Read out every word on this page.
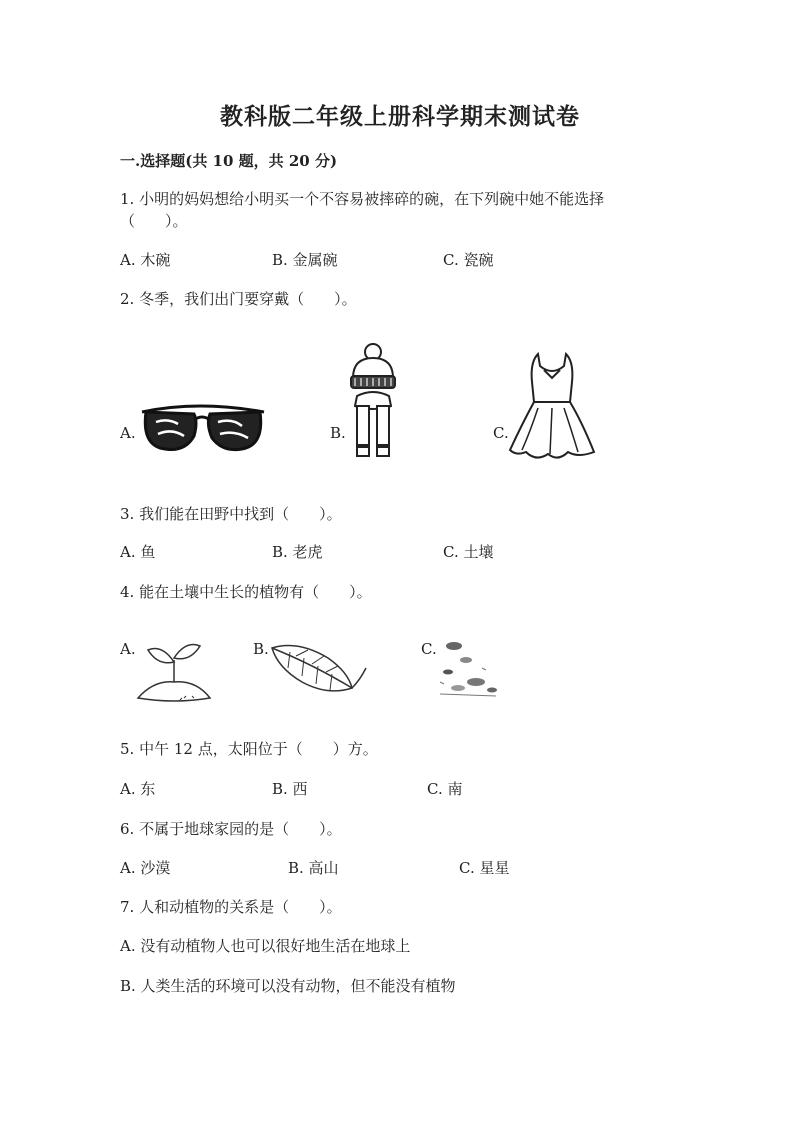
教科版二年级上册科学期末测试卷
一.选择题(共 10 题，共 20 分)
1. 小明的妈妈想给小明买一个不容易被摔碎的碗，在下列碗中她不能选择
（　　）。
A. 木碗	B. 金属碗	C. 瓷碗
2. 冬季，我们出门要穿戴（　　）。
A.	B.	C.
3. 我们能在田野中找到（　　）。
A. 鱼	B. 老虎	C. 土壤
4. 能在土壤中生长的植物有（　　）。
A.	B.	C.
5. 中午 12 点，太阳位于（　　）方。
A. 东	B. 西	C. 南
6. 不属于地球家园的是（　　）。
A. 沙漠	B. 高山	C. 星星
7. 人和动植物的关系是（　　）。
A. 没有动植物人也可以很好地生活在地球上
B. 人类生活的环境可以没有动物，但不能没有植物
